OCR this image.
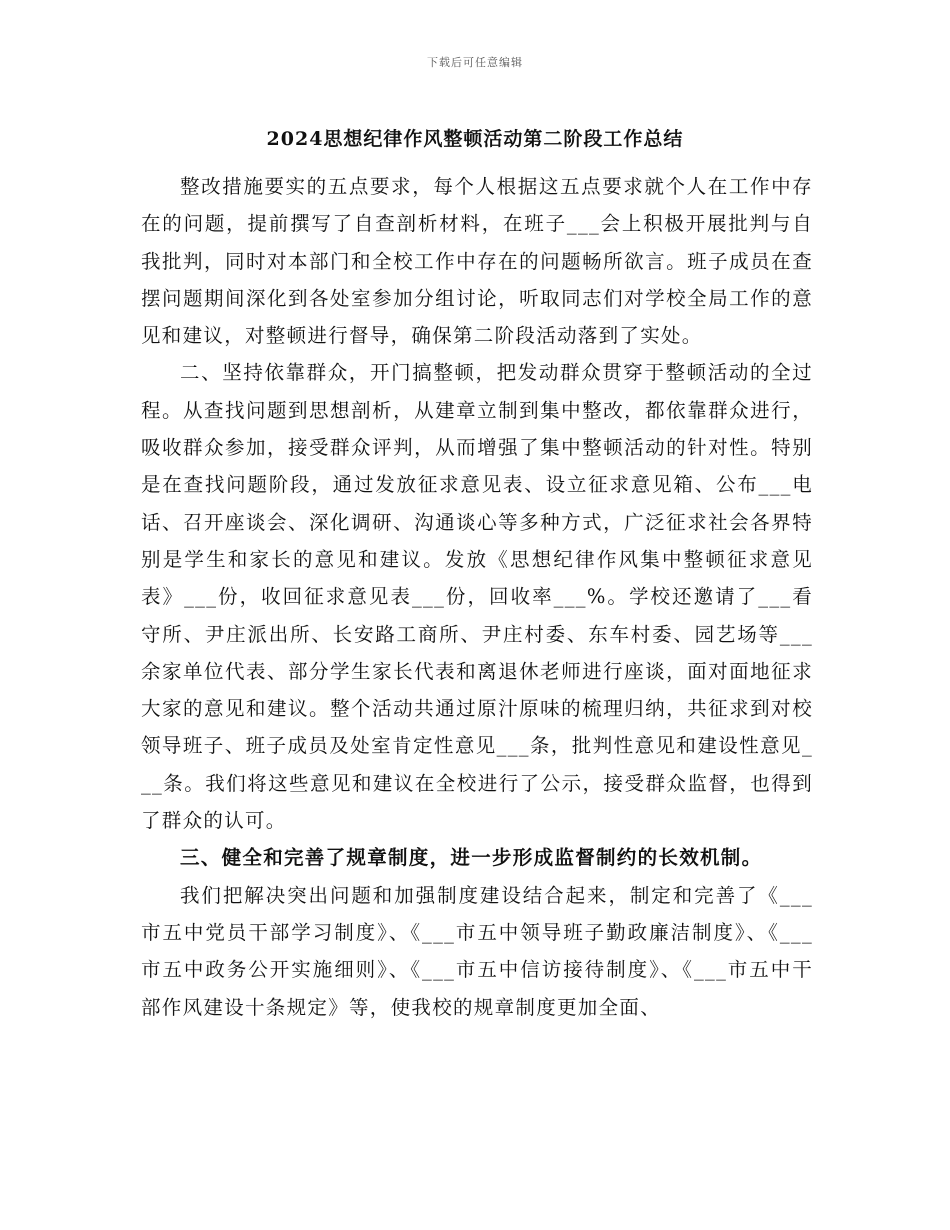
下载后可任意编辑
2024思想纪律作风整顿活动第二阶段工作总结

整改措施要实的五点要求，每个人根据这五点要求就个人在工作中存在的问题，提前撰写了自查剖析材料，在班子___会上积极开展批判与自我批判，同时对本部门和全校工作中存在的问题畅所欲言。班子成员在查摆问题期间深化到各处室参加分组讨论，听取同志们对学校全局工作的意见和建议，对整顿进行督导，确保第二阶段活动落到了实处。

二、坚持依靠群众，开门搞整顿，把发动群众贯穿于整顿活动的全过程。从查找问题到思想剖析，从建章立制到集中整改，都依靠群众进行，吸收群众参加，接受群众评判，从而增强了集中整顿活动的针对性。特别是在查找问题阶段，通过发放征求意见表、设立征求意见箱、公布___电话、召开座谈会、深化调研、沟通谈心等多种方式，广泛征求社会各界特别是学生和家长的意见和建议。发放《思想纪律作风集中整顿征求意见表》___份，收回征求意见表___份，回收率___%。学校还邀请了___看守所、尹庄派出所、长安路工商所、尹庄村委、东车村委、园艺场等___余家单位代表、部分学生家长代表和离退休老师进行座谈，面对面地征求大家的意见和建议。整个活动共通过原汁原味的梳理归纳，共征求到对校领导班子、班子成员及处室肯定性意见___条，批判性意见和建设性意见___条。我们将这些意见和建议在全校进行了公示，接受群众监督，也得到了群众的认可。

三、健全和完善了规章制度，进一步形成监督制约的长效机制。

我们把解决突出问题和加强制度建设结合起来，制定和完善了《___市五中党员干部学习制度》、《___市五中领导班子勤政廉洁制度》、《___市五中政务公开实施细则》、《___市五中信访接待制度》、《___市五中干部作风建设十条规定》等，使我校的规章制度更加全面、
